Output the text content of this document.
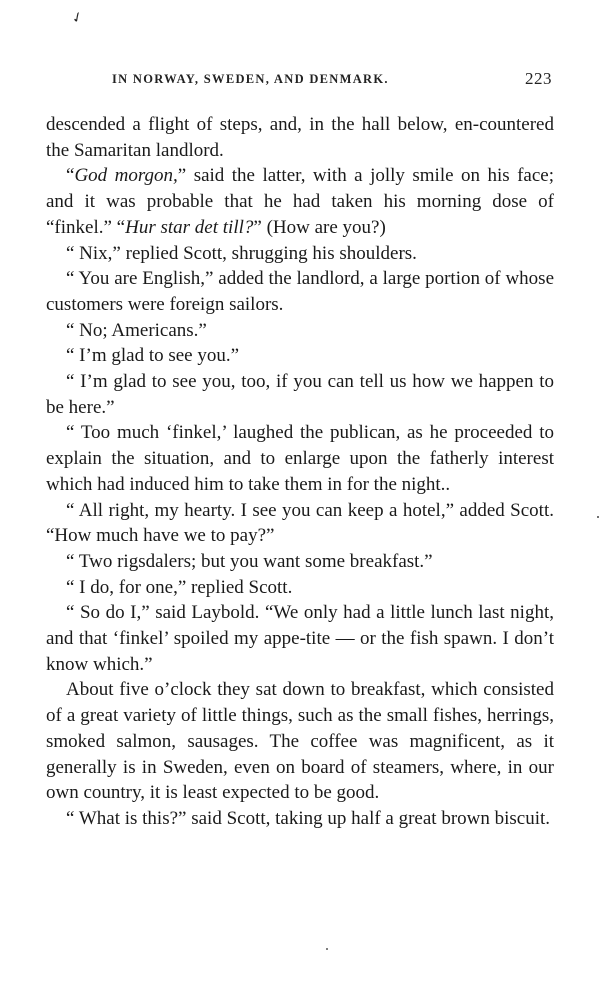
✓
IN NORWAY, SWEDEN, AND DENMARK.	223

descended a flight of steps, and, in the hall below, en-countered the Samaritan landlord.

“God morgon,” said the latter, with a jolly smile on his face; and it was probable that he had taken his morning dose of “finkel.” “Hur star det till?” (How are you?)

“ Nix,” replied Scott, shrugging his shoulders.

“ You are English,” added the landlord, a large portion of whose customers were foreign sailors.

“ No; Americans.”

“ I’m glad to see you.”

“ I’m glad to see you, too, if you can tell us how we happen to be here.”

“ Too much ‘finkel,’ laughed the publican, as he proceeded to explain the situation, and to enlarge upon the fatherly interest which had induced him to take them in for the night..

“ All right, my hearty. I see you can keep a hotel,” added Scott. “How much have we to pay?”

“ Two rigsdalers; but you want some breakfast.”

“ I do, for one,” replied Scott.

“ So do I,” said Laybold. “We only had a little lunch last night, and that ‘finkel’ spoiled my appe-tite — or the fish spawn. I don’t know which.”

About five o’clock they sat down to breakfast, which consisted of a great variety of little things, such as the small fishes, herrings, smoked salmon, sausages. The coffee was magnificent, as it generally is in Sweden, even on board of steamers, where, in our own country, it is least expected to be good.

“ What is this?” said Scott, taking up half a great brown biscuit.
